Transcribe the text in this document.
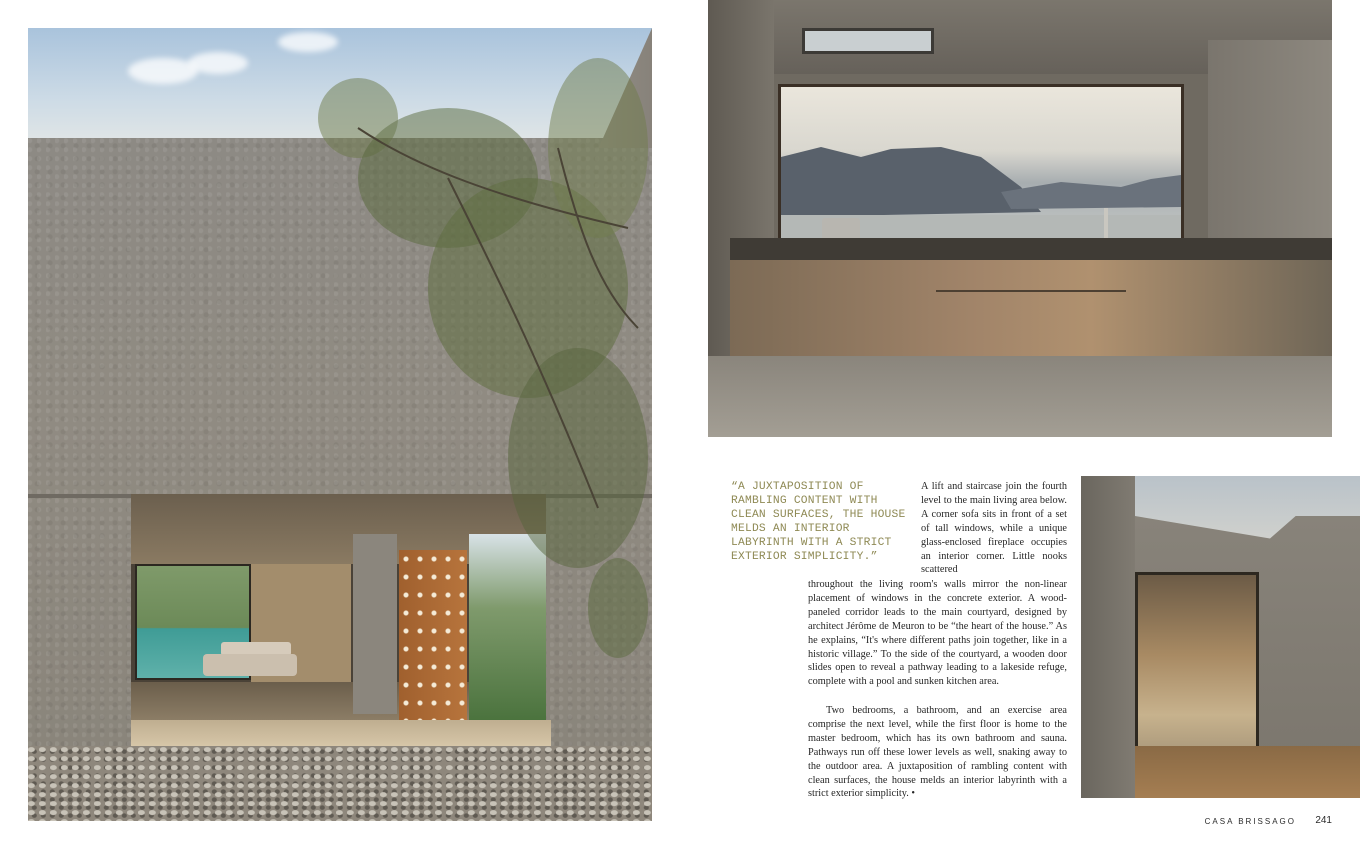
“A JUXTAPOSITION OF RAMBLING CONTENT WITH CLEAN SURFACES, THE HOUSE MELDS AN INTERIOR LABYRINTH WITH A STRICT EXTERIOR SIMPLICITY.”

A lift and staircase join the fourth level to the main living area below. A corner sofa sits in front of a set of tall windows, while a unique glass-enclosed fireplace occupies an interior corner. Little nooks scattered

throughout the living room's walls mirror the non-linear placement of windows in the concrete exterior. A wood-paneled corridor leads to the main courtyard, designed by architect Jérôme de Meuron to be “the heart of the house.” As he explains, “It's where different paths join together, like in a historic village.” To the side of the courtyard, a wooden door slides open to reveal a pathway leading to a lakeside refuge, complete with a pool and sunken kitchen area.

Two bedrooms, a bathroom, and an exercise area comprise the next level, while the first floor is home to the master bedroom, which has its own bathroom and sauna. Pathways run off these lower levels as well, snaking away to the outdoor area. A juxtaposition of rambling content with clean surfaces, the house melds an interior labyrinth with a strict exterior simplicity. •

CASA BRISSAGO 241
